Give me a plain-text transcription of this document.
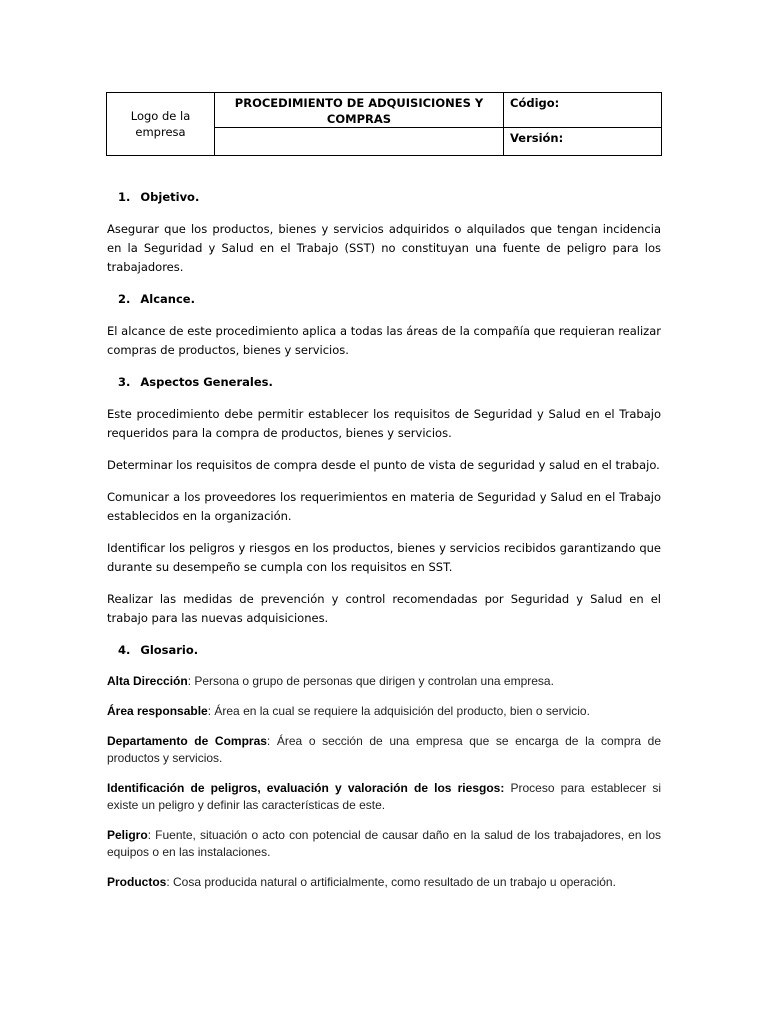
Logo de la empresa	PROCEDIMIENTO DE ADQUISICIONES Y COMPRAS	Código:
		Versión:
1. Objetivo.

Asegurar que los productos, bienes y servicios adquiridos o alquilados que tengan incidencia en la Seguridad y Salud en el Trabajo (SST) no constituyan una fuente de peligro para los trabajadores.

2. Alcance.

El alcance de este procedimiento aplica a todas las áreas de la compañía que requieran realizar compras de productos, bienes y servicios.

3. Aspectos Generales.

Este procedimiento debe permitir establecer los requisitos de Seguridad y Salud en el Trabajo requeridos para la compra de productos, bienes y servicios.

Determinar los requisitos de compra desde el punto de vista de seguridad y salud en el trabajo.

Comunicar a los proveedores los requerimientos en materia de Seguridad y Salud en el Trabajo establecidos en la organización.

Identificar los peligros y riesgos en los productos, bienes y servicios recibidos garantizando que durante su desempeño se cumpla con los requisitos en SST.

Realizar las medidas de prevención y control recomendadas por Seguridad y Salud en el trabajo para las nuevas adquisiciones.

4. Glosario.

Alta Dirección: Persona o grupo de personas que dirigen y controlan una empresa.

Área responsable: Área en la cual se requiere la adquisición del producto, bien o servicio.

Departamento de Compras: Área o sección de una empresa que se encarga de la compra de productos y servicios.

Identificación de peligros, evaluación y valoración de los riesgos: Proceso para establecer si existe un peligro y definir las características de este.

Peligro: Fuente, situación o acto con potencial de causar daño en la salud de los trabajadores, en los equipos o en las instalaciones.

Productos: Cosa producida natural o artificialmente, como resultado de un trabajo u operación.
